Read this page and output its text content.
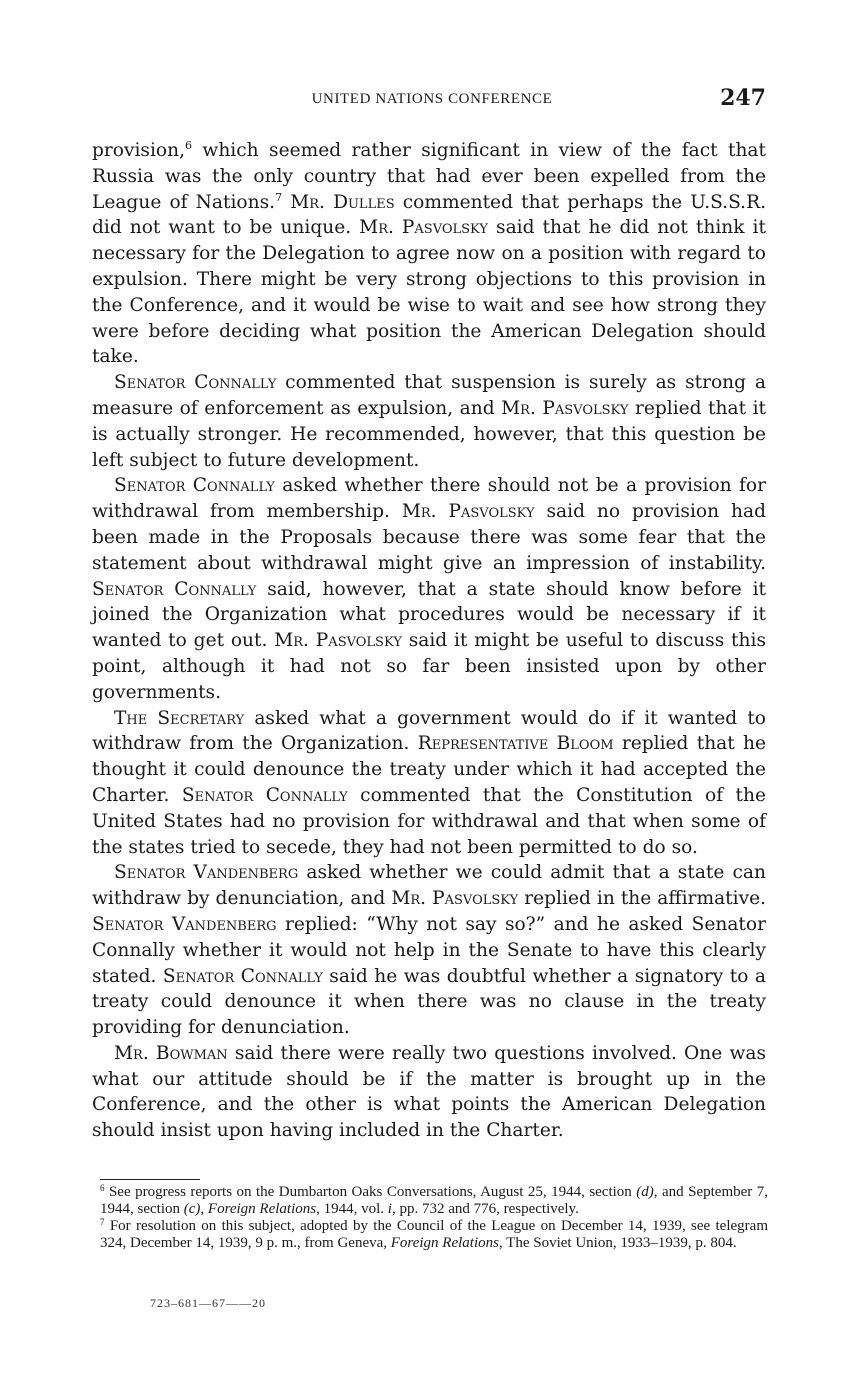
UNITED NATIONS CONFERENCE	247

provision,$^6$ which seemed rather significant in view of the fact that Russia was the only country that had ever been expelled from the League of Nations.$^7$ Mr. Dulles commented that perhaps the U.S.S.R. did not want to be unique. Mr. Pasvolsky said that he did not think it necessary for the Delegation to agree now on a position with regard to expulsion. There might be very strong objections to this provision in the Conference, and it would be wise to wait and see how strong they were before deciding what position the American Delegation should take.

Senator Connally commented that suspension is surely as strong a measure of enforcement as expulsion, and Mr. Pasvolsky replied that it is actually stronger. He recommended, however, that this question be left subject to future development.

Senator Connally asked whether there should not be a provision for withdrawal from membership. Mr. Pasvolsky said no provision had been made in the Proposals because there was some fear that the statement about withdrawal might give an impression of instability. Senator Connally said, however, that a state should know before it joined the Organization what procedures would be necessary if it wanted to get out. Mr. Pasvolsky said it might be useful to discuss this point, although it had not so far been insisted upon by other governments.

The Secretary asked what a government would do if it wanted to withdraw from the Organization. Representative Bloom replied that he thought it could denounce the treaty under which it had accepted the Charter. Senator Connally commented that the Constitution of the United States had no provision for withdrawal and that when some of the states tried to secede, they had not been permitted to do so.

Senator Vandenberg asked whether we could admit that a state can withdraw by denunciation, and Mr. Pasvolsky replied in the affirmative. Senator Vandenberg replied: “Why not say so?” and he asked Senator Connally whether it would not help in the Senate to have this clearly stated. Senator Connally said he was doubtful whether a signatory to a treaty could denounce it when there was no clause in the treaty providing for denunciation.

Mr. Bowman said there were really two questions involved. One was what our attitude should be if the matter is brought up in the Conference, and the other is what points the American Delegation should insist upon having included in the Charter.

$^6$ See progress reports on the Dumbarton Oaks Conversations, August 25, 1944, section (d), and September 7, 1944, section (c), Foreign Relations, 1944, vol. i, pp. 732 and 776, respectively.

$^7$ For resolution on this subject, adopted by the Council of the League on December 14, 1939, see telegram 324, December 14, 1939, 9 p. m., from Geneva, Foreign Relations, The Soviet Union, 1933–1939, p. 804.

723–681—67——20
